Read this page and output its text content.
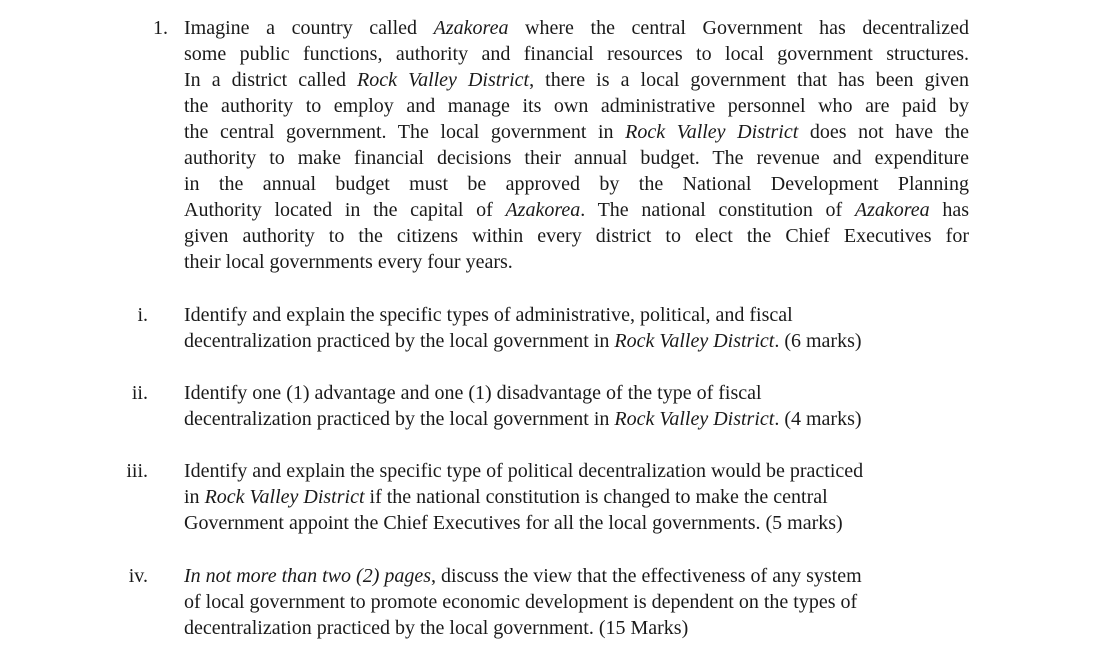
1. Imagine a country called Azakorea where the central Government has decentralized
some public functions, authority and financial resources to local government structures.
In a district called Rock Valley District, there is a local government that has been given
the authority to employ and manage its own administrative personnel who are paid by
the central government. The local government in Rock Valley District does not have the
authority to make financial decisions their annual budget. The revenue and expenditure
in the annual budget must be approved by the National Development Planning
Authority located in the capital of Azakorea. The national constitution of Azakorea has
given authority to the citizens within every district to elect the Chief Executives for
their local governments every four years.
i. Identify and explain the specific types of administrative, political, and fiscal
decentralization practiced by the local government in Rock Valley District. (6 marks)
ii. Identify one (1) advantage and one (1) disadvantage of the type of fiscal
decentralization practiced by the local government in Rock Valley District. (4 marks)
iii. Identify and explain the specific type of political decentralization would be practiced
in Rock Valley District if the national constitution is changed to make the central
Government appoint the Chief Executives for all the local governments. (5 marks)
iv. In not more than two (2) pages, discuss the view that the effectiveness of any system
of local government to promote economic development is dependent on the types of
decentralization practiced by the local government. (15 Marks)
